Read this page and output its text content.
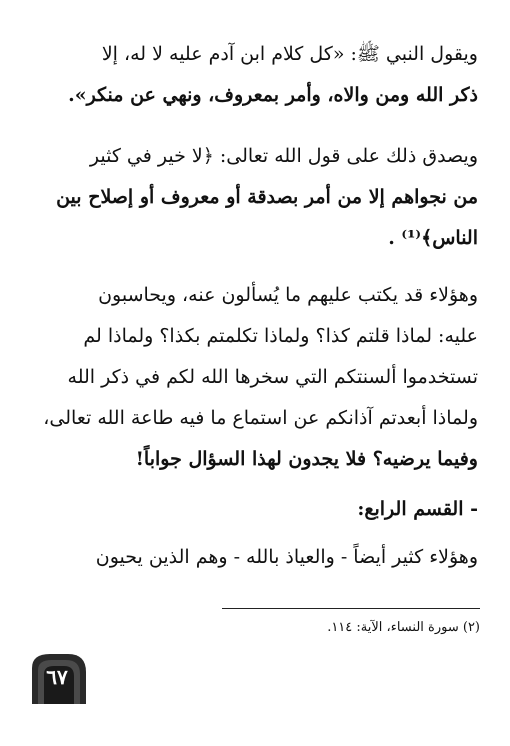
ويقول النبي ﷺ: «كل كلام ابن آدم عليه لا له، إلا
ذكر الله ومن والاه، وأمر بمعروف، ونهي عن منكر».
ويصدق ذلك على قول الله تعالى: ﴿لا خير في كثير
من نجواهم إلا من أمر بصدقة أو معروف أو إصلاح بين
الناس﴾⁽¹⁾ .
وهؤلاء قد يكتب عليهم ما يُسألون عنه، ويحاسبون
عليه: لماذا قلتم كذا؟ ولماذا تكلمتم بكذا؟ ولماذا لم
تستخدموا ألسنتكم التي سخرها الله لكم في ذكر الله
ولماذا أبعدتم آذانكم عن استماع ما فيه طاعة الله تعالى،
وفيما يرضيه؟ فلا يجدون لهذا السؤال جواباً!
- القسم الرابع:
وهؤلاء كثير أيضاً - والعياذ بالله - وهم الذين يحيون
(٢) سورة النساء، الآية: ١١٤.
٦٧
